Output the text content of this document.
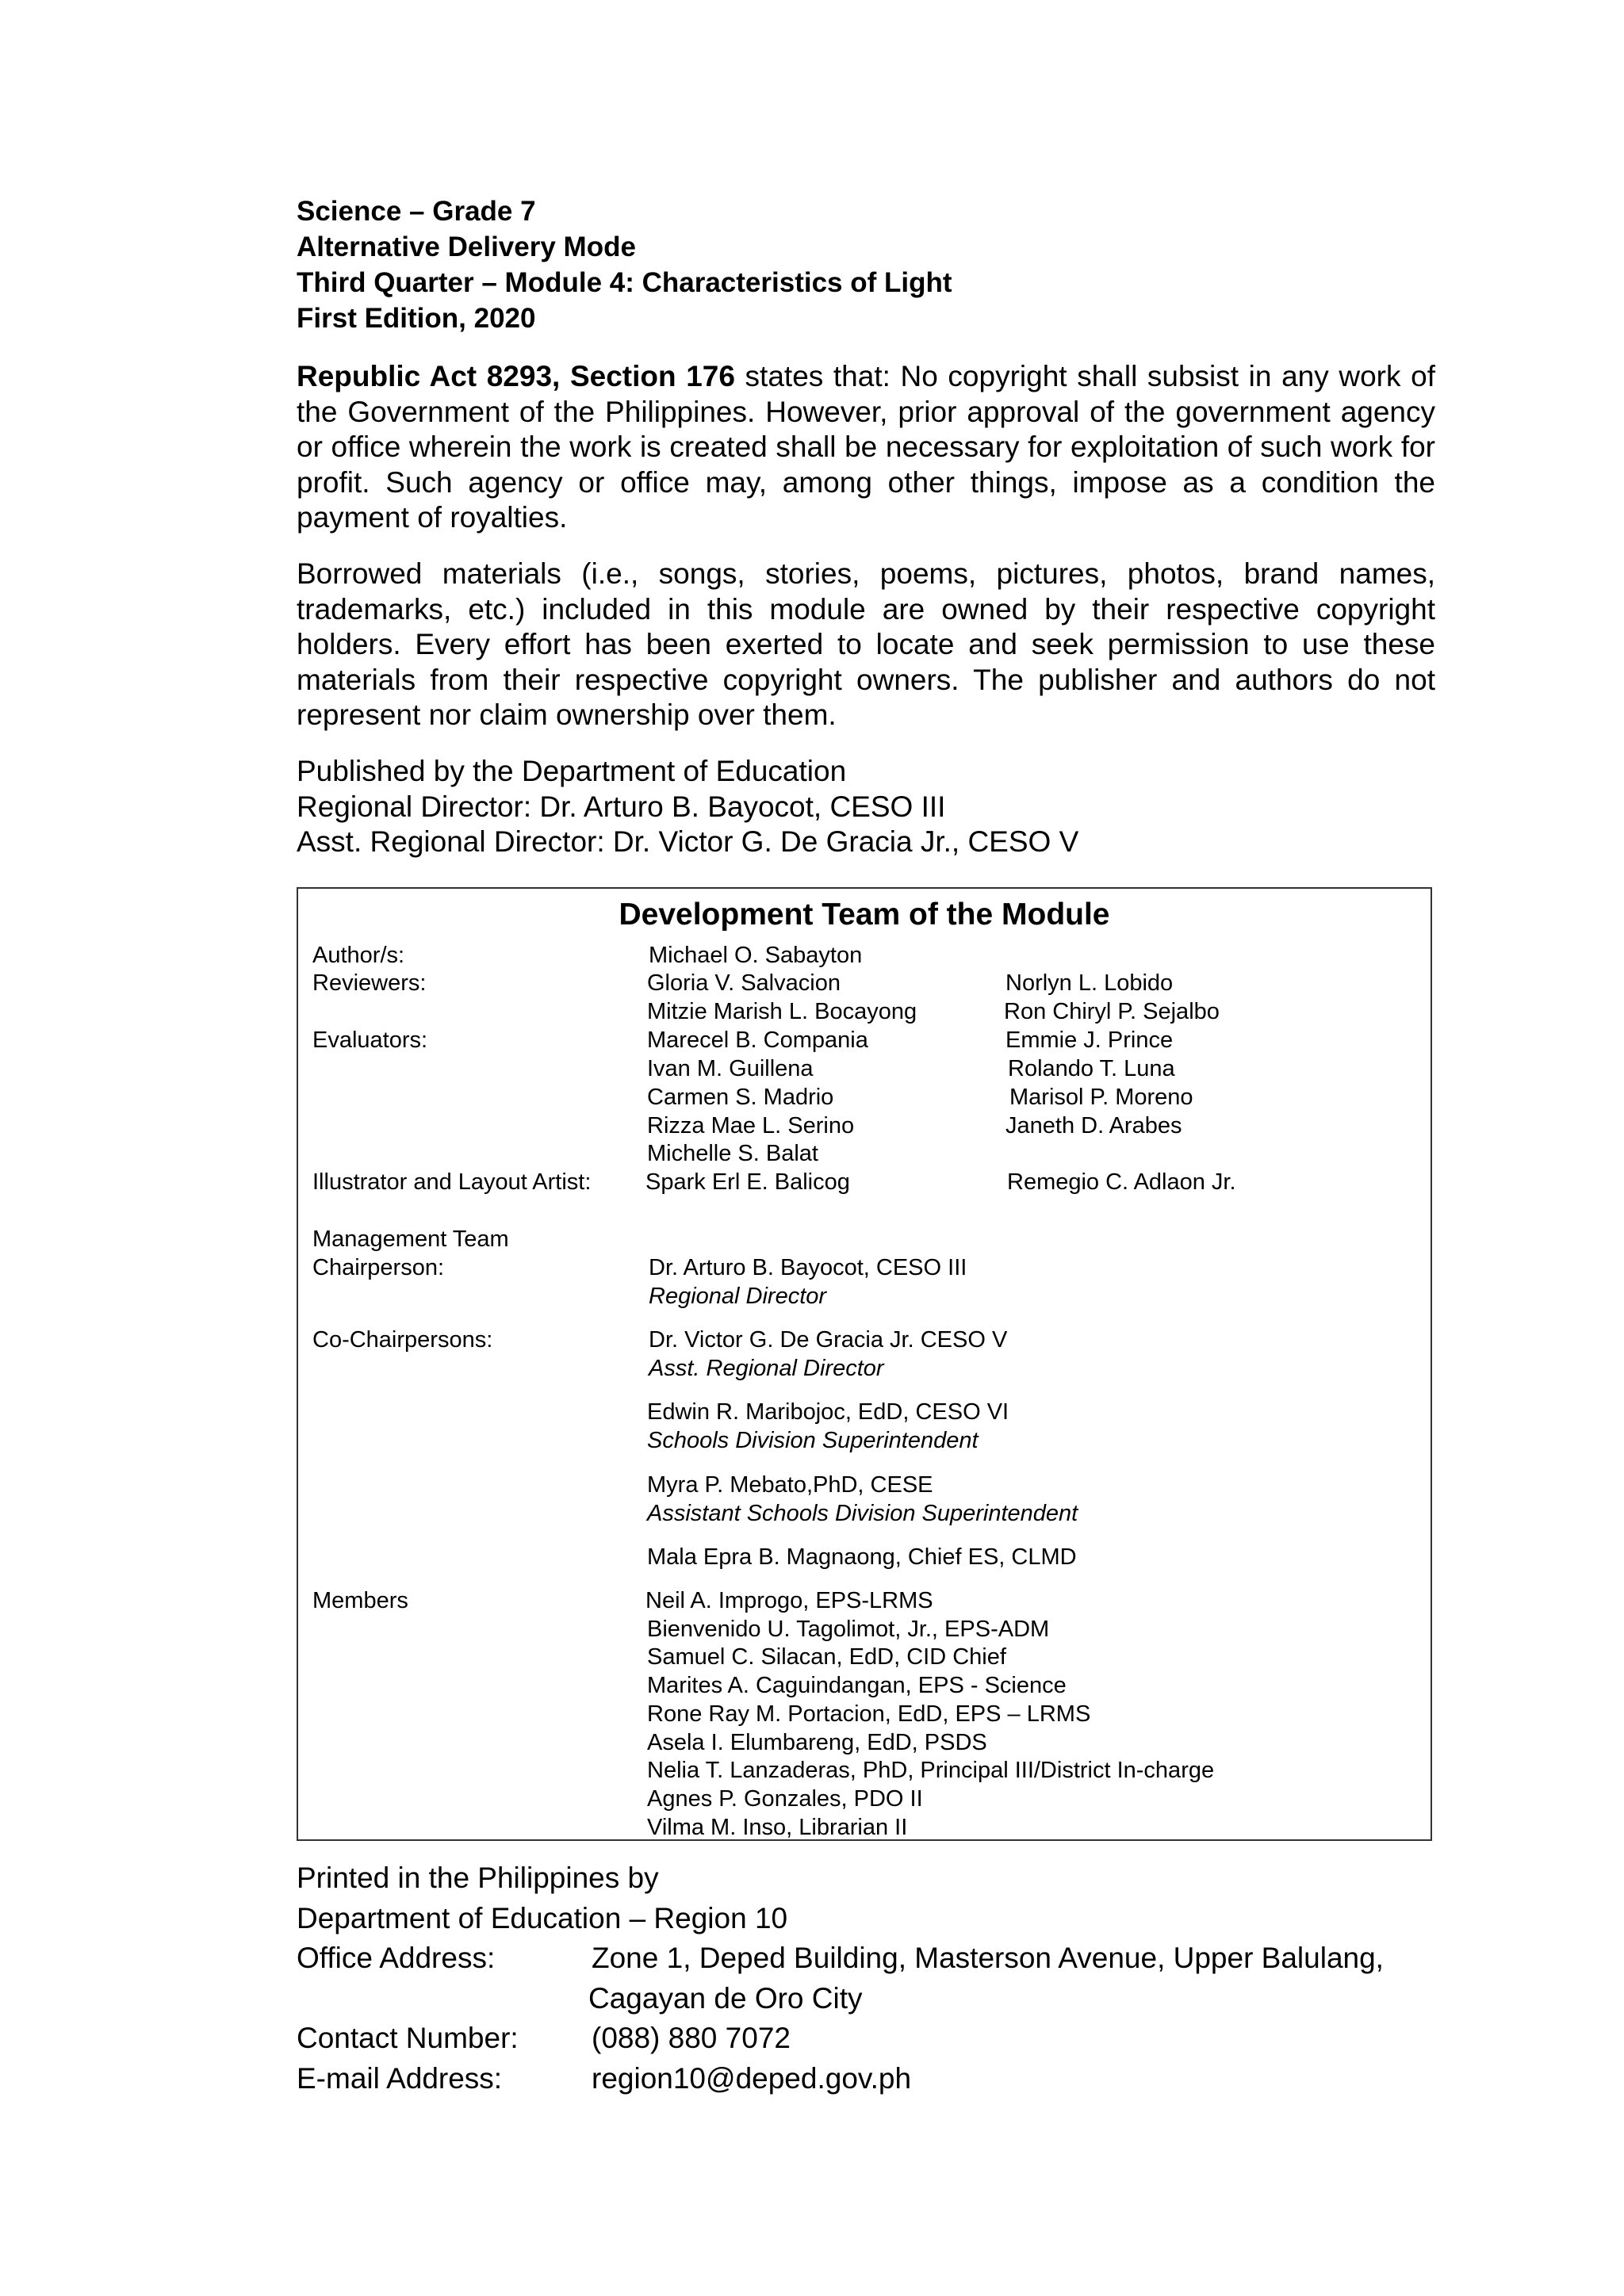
Science – Grade 7
Alternative Delivery Mode
Third Quarter – Module 4: Characteristics of Light
First Edition, 2020

Republic Act 8293, Section 176 states that: No copyright shall subsist in any work of the Government of the Philippines. However, prior approval of the government agency or office wherein the work is created shall be necessary for exploitation of such work for profit. Such agency or office may, among other things, impose as a condition the payment of royalties.

Borrowed materials (i.e., songs, stories, poems, pictures, photos, brand names, trademarks, etc.) included in this module are owned by their respective copyright holders. Every effort has been exerted to locate and seek permission to use these materials from their respective copyright owners. The publisher and authors do not represent nor claim ownership over them.

Published by the Department of Education
Regional Director: Dr. Arturo B. Bayocot, CESO III
Asst. Regional Director: Dr. Victor G. De Gracia Jr., CESO V
Development Team of the Module
Author/s:	Michael O. Sabayton
Reviewers:	Gloria V. Salvacion	Norlyn L. Lobido
Mitzie Marish L. Bocayong	Ron Chiryl P. Sejalbo
Evaluators:	Marecel B. Compania	Emmie J. Prince
Ivan M. Guillena	Rolando T. Luna
Carmen S. Madrio	Marisol P. Moreno
Rizza Mae L. Serino	Janeth D. Arabes
Michelle S. Balat
Illustrator and Layout Artist: Spark Erl E. Balicog	Remegio C. Adlaon Jr.
Management Team
Chairperson:	Dr. Arturo B. Bayocot, CESO III
Regional Director
Co-Chairpersons:	Dr. Victor G. De Gracia Jr. CESO V
Asst. Regional Director
Edwin R. Maribojoc, EdD, CESO VI
Schools Division Superintendent
Myra P. Mebato,PhD, CESE
Assistant Schools Division Superintendent
Mala Epra B. Magnaong, Chief ES, CLMD
Members	Neil A. Improgo, EPS-LRMS
Bienvenido U. Tagolimot, Jr., EPS-ADM
Samuel C. Silacan, EdD, CID Chief
Marites A. Caguindangan, EPS - Science
Rone Ray M. Portacion, EdD, EPS – LRMS
Asela I. Elumbareng, EdD, PSDS
Nelia T. Lanzaderas, PhD, Principal III/District In-charge
Agnes P. Gonzales, PDO II
Vilma M. Inso, Librarian II
Printed in the Philippines by
Department of Education – Region 10
Office Address:	Zone 1, Deped Building, Masterson Avenue, Upper Balulang,
Cagayan de Oro City
Contact Number: (088) 880 7072
E-mail Address:	region10@deped.gov.ph
